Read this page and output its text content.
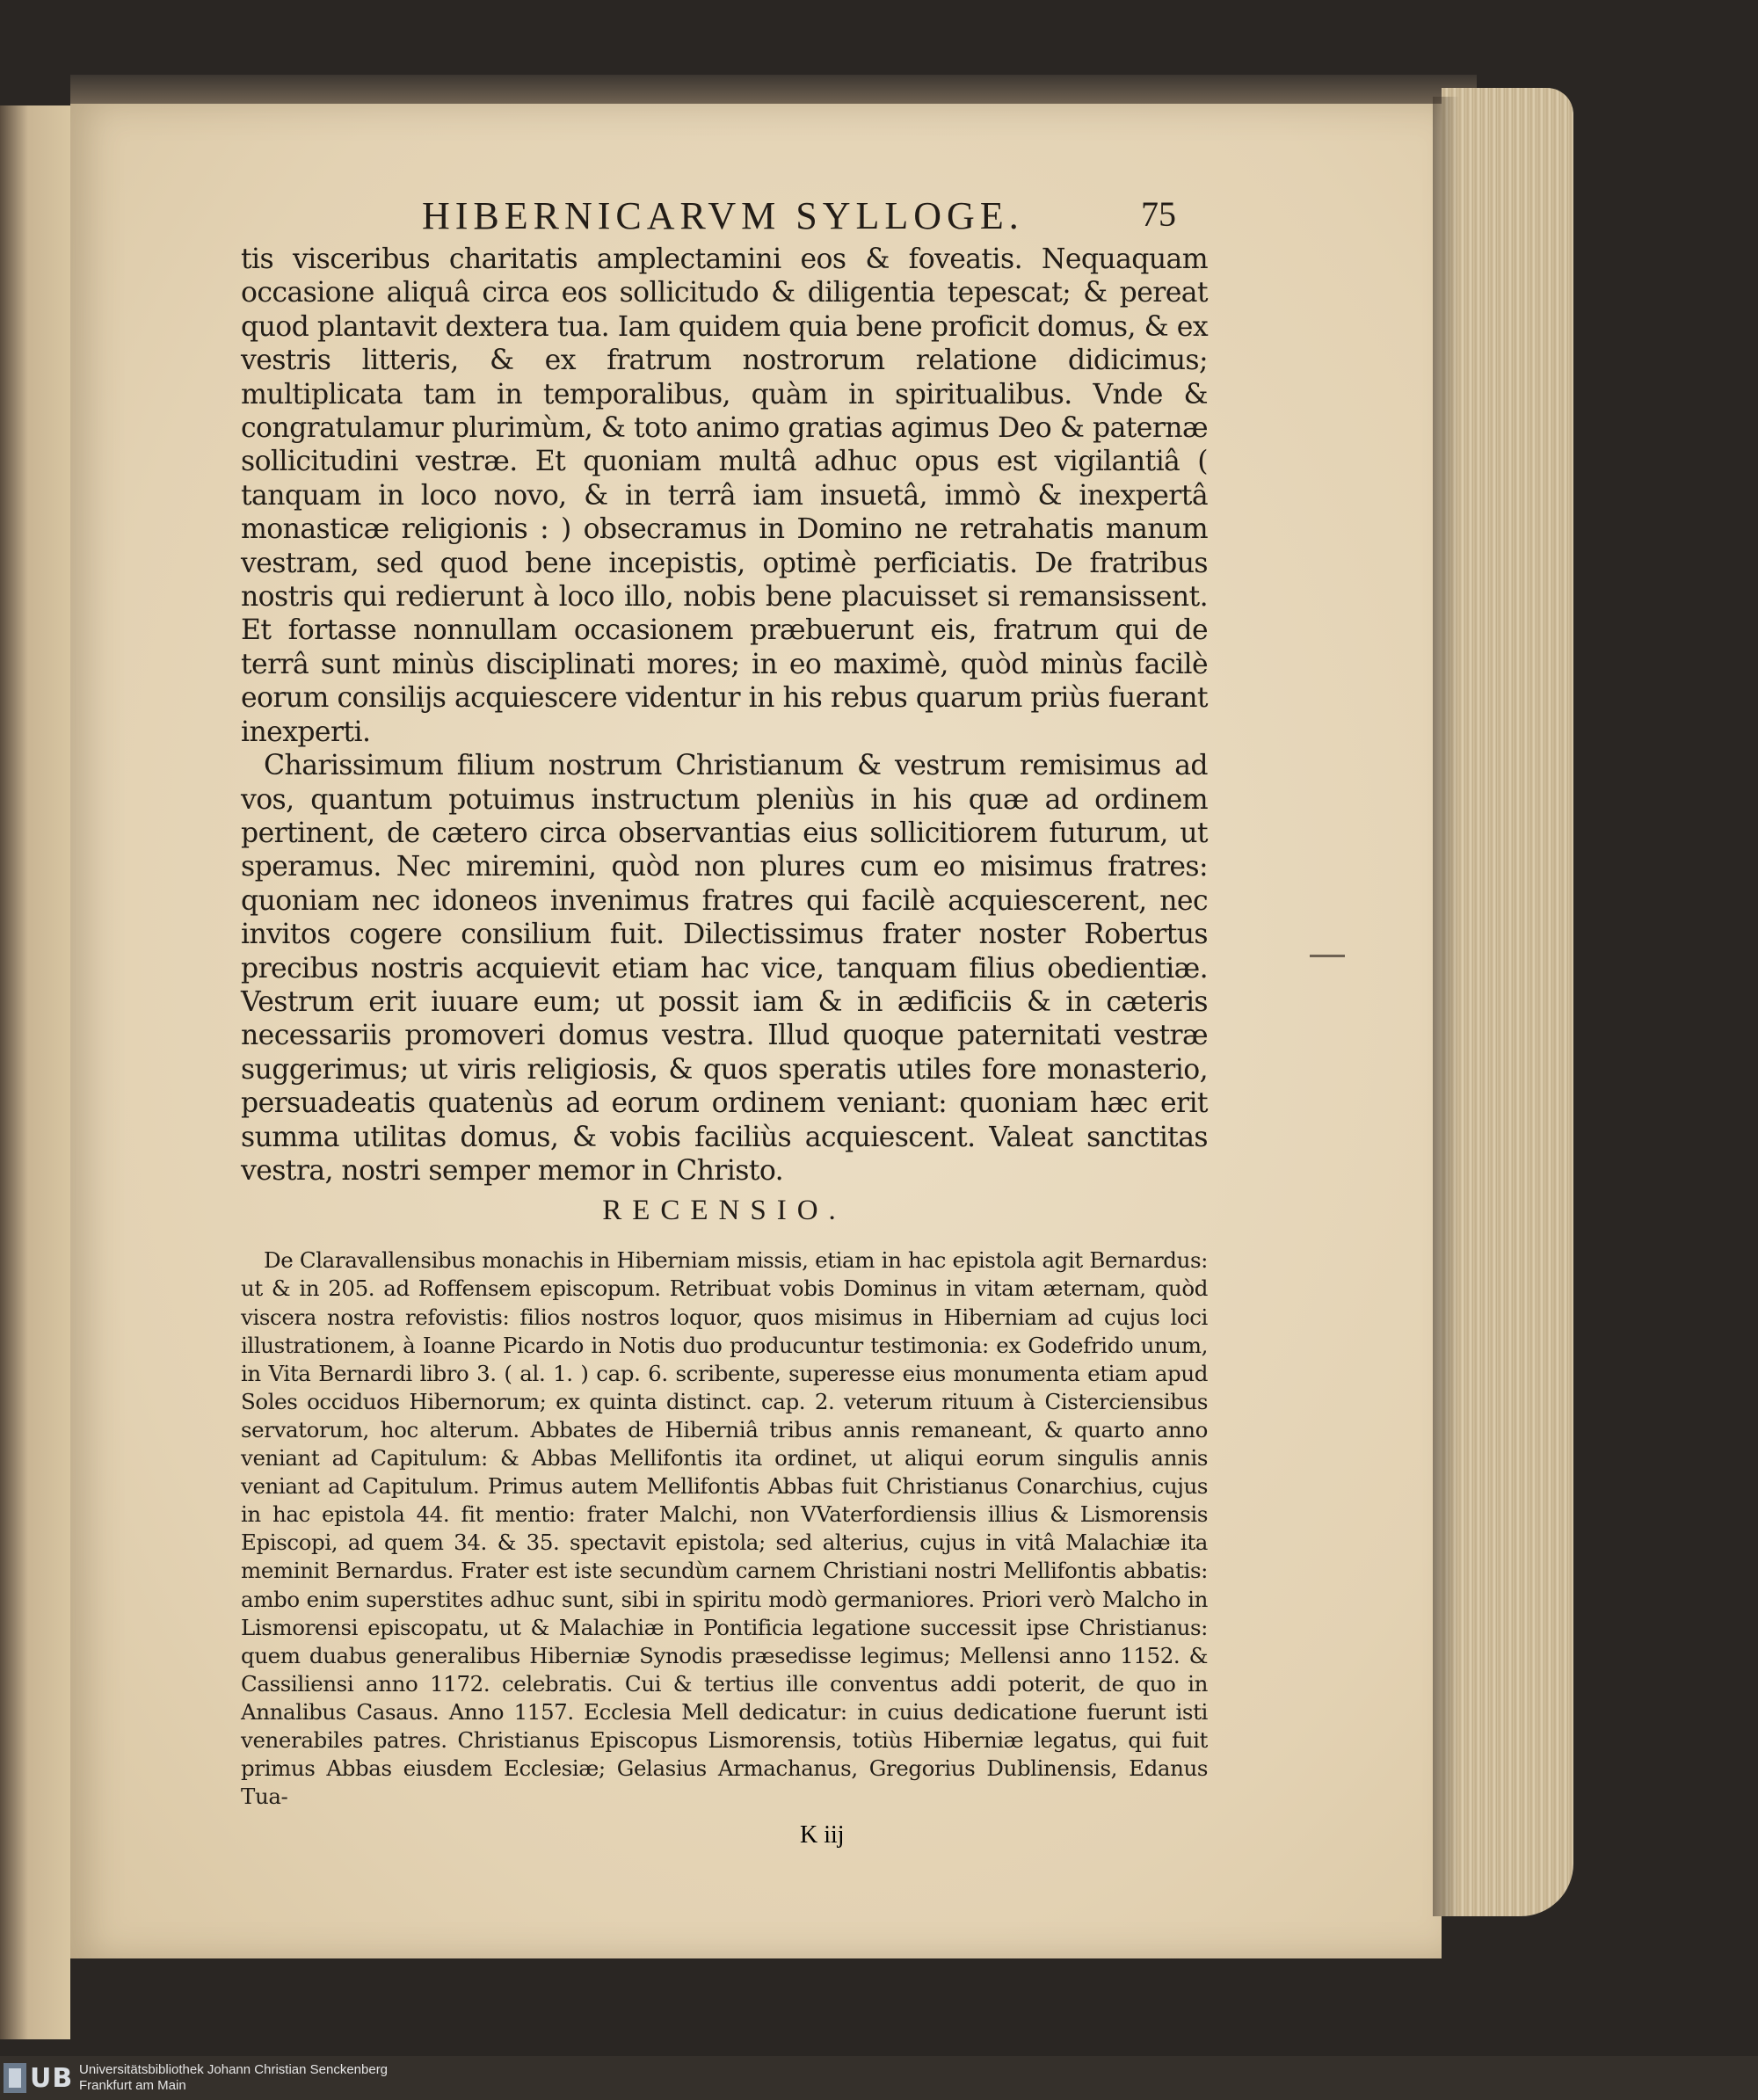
HIBERNICARVM SYLLOGE.	75

tis visceribus charitatis amplectamini eos & foveatis. Nequaquam occasione aliquâ circa eos sollicitudo & diligentia tepescat; & pereat quod plantavit dextera tua. Iam quidem quia bene proficit domus, & ex vestris litteris, & ex fratrum nostrorum relatione didicimus; multiplicata tam in temporalibus, quàm in spiritualibus. Vnde & congratulamur plurimùm, & toto animo gratias agimus Deo & paternæ sollicitudini vestræ. Et quoniam multâ adhuc opus est vigilantiâ ( tanquam in loco novo, & in terrâ iam insuetâ, immò & inexpertâ monasticæ religionis : ) obsecramus in Domino ne retrahatis manum vestram, sed quod bene incepistis, optimè perficiatis. De fratribus nostris qui redierunt à loco illo, nobis bene placuisset si remansissent. Et fortasse nonnullam occasionem præbuerunt eis, fratrum qui de terrâ sunt minùs disciplinati mores; in eo maximè, quòd minùs facilè eorum consilijs acquiescere videntur in his rebus quarum priùs fuerant inexperti.

Charissimum filium nostrum Christianum & vestrum remisimus ad vos, quantum potuimus instructum pleniùs in his quæ ad ordinem pertinent, de cætero circa observantias eius sollicitiorem futurum, ut speramus. Nec miremini, quòd non plures cum eo misimus fratres: quoniam nec idoneos invenimus fratres qui facilè acquiescerent, nec invitos cogere consilium fuit. Dilectissimus frater noster Robertus precibus nostris acquievit etiam hac vice, tanquam filius obedientiæ. Vestrum erit iuuare eum; ut possit iam & in ædificiis & in cæteris necessariis promoveri domus vestra. Illud quoque paternitati vestræ suggerimus; ut viris religiosis, & quos speratis utiles fore monasterio, persuadeatis quatenùs ad eorum ordinem veniant: quoniam hæc erit summa utilitas domus, & vobis faciliùs acquiescent. Valeat sanctitas vestra, nostri semper memor in Christo.

RECENSIO.

De Claravallensibus monachis in Hiberniam missis, etiam in hac epistola agit Bernardus: ut & in 205. ad Roffensem episcopum. Retribuat vobis Dominus in vitam æternam, quòd viscera nostra refovistis: filios nostros loquor, quos misimus in Hiberniam ad cujus loci illustrationem, à Ioanne Picardo in Notis duo producuntur testimonia: ex Godefrido unum, in Vita Bernardi libro 3. ( al. 1. ) cap. 6. scribente, superesse eius monumenta etiam apud Soles occiduos Hibernorum; ex quinta distinct. cap. 2. veterum rituum à Cisterciensibus servatorum, hoc alterum. Abbates de Hiberniâ tribus annis remaneant, & quarto anno veniant ad Capitulum: & Abbas Mellifontis ita ordinet, ut aliqui eorum singulis annis veniant ad Capitulum. Primus autem Mellifontis Abbas fuit Christianus Conarchius, cujus in hac epistola 44. fit mentio: frater Malchi, non VVaterfordiensis illius & Lismorensis Episcopi, ad quem 34. & 35. spectavit epistola; sed alterius, cujus in vitâ Malachiæ ita meminit Bernardus. Frater est iste secundùm carnem Christiani nostri Mellifontis abbatis: ambo enim superstites adhuc sunt, sibi in spiritu modò germaniores. Priori verò Malcho in Lismorensi episcopatu, ut & Malachiæ in Pontificia legatione successit ipse Christianus: quem duabus generalibus Hiberniæ Synodis præsedisse legimus; Mellensi anno 1152. & Cassiliensi anno 1172. celebratis. Cui & tertius ille conventus addi poterit, de quo in Annalibus Casaus. Anno 1157. Ecclesia Mell dedicatur: in cuius dedicatione fuerunt isti venerabiles patres. Christianus Episcopus Lismorensis, totiùs Hiberniæ legatus, qui fuit primus Abbas eiusdem Ecclesiæ; Gelasius Armachanus, Gregorius Dublinensis, Edanus Tua-

K iij
UB Universitätsbibliothek Johann Christian Senckenberg
Frankfurt am Main
